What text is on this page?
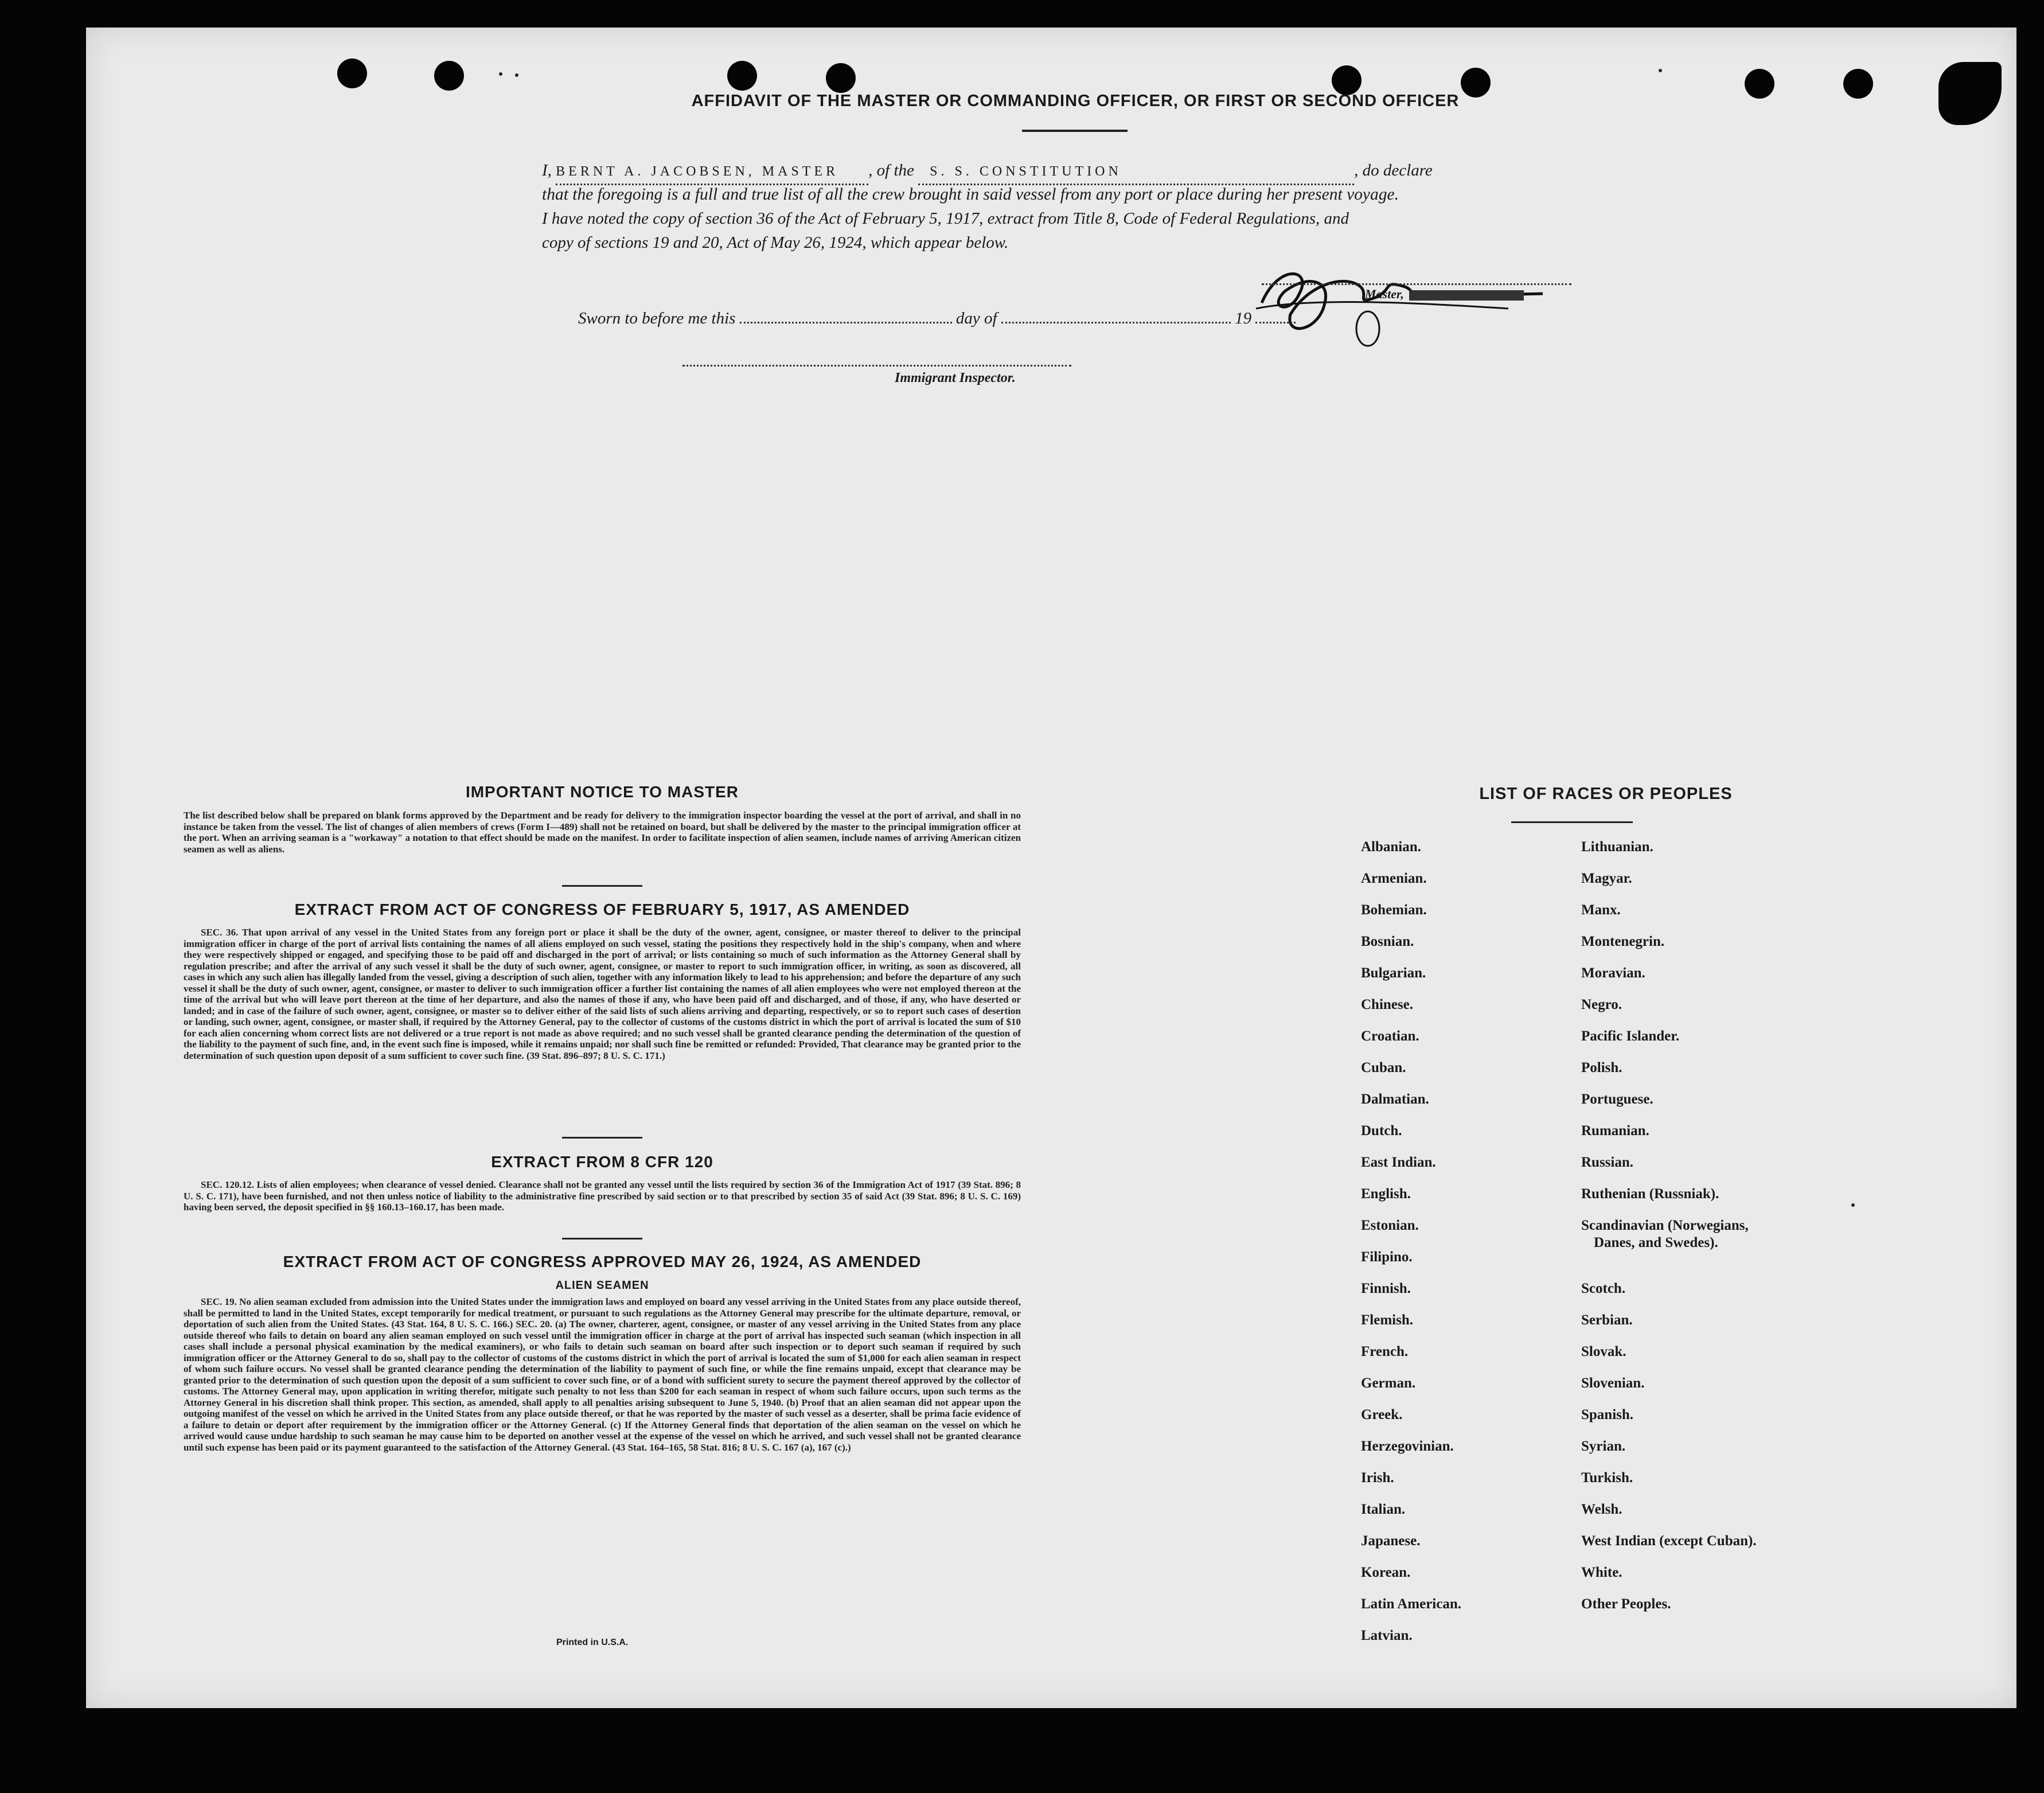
AFFIDAVIT OF THE MASTER OR COMMANDING OFFICER, OR FIRST OR SECOND OFFICER
I, BERNT A. JACOBSEN, MASTER , of the S. S. CONSTITUTION	, do declare
that the foregoing is a full and true list of all the crew brought in said vessel from any port or place during her present voyage.
I have noted the copy of section 36 of the Act of February 5, 1917, extract from Title 8, Code of Federal Regulations, and
copy of sections 19 and 20, Act of May 26, 1924, which appear below.
Master,
Sworn to before me this	day of	19
Immigrant Inspector.
IMPORTANT NOTICE TO MASTER
The list described below shall be prepared on blank forms approved by the Department and be ready for delivery to the immigration inspector boarding the vessel at the port of arrival, and shall in no instance be taken from the vessel. The list of changes of alien members of crews (Form I—489) shall not be retained on board, but shall be delivered by the master to the principal immigration officer at the port. When an arriving seaman is a "workaway" a notation to that effect should be made on the manifest. In order to facilitate inspection of alien seamen, include names of arriving American citizen seamen as well as aliens.
EXTRACT FROM ACT OF CONGRESS OF FEBRUARY 5, 1917, AS AMENDED
SEC. 36. That upon arrival of any vessel in the United States from any foreign port or place it shall be the duty of the owner, agent, consignee, or master thereof to deliver to the principal immigration officer in charge of the port of arrival lists containing the names of all aliens employed on such vessel, stating the positions they respectively hold in the ship's company, when and where they were respectively shipped or engaged, and specifying those to be paid off and discharged in the port of arrival; or lists containing so much of such information as the Attorney General shall by regulation prescribe; and after the arrival of any such vessel it shall be the duty of such owner, agent, consignee, or master to report to such immigration officer, in writing, as soon as discovered, all cases in which any such alien has illegally landed from the vessel, giving a description of such alien, together with any information likely to lead to his apprehension; and before the departure of any such vessel it shall be the duty of such owner, agent, consignee, or master to deliver to such immigration officer a further list containing the names of all alien employees who were not employed thereon at the time of the arrival but who will leave port thereon at the time of her departure, and also the names of those if any, who have been paid off and discharged, and of those, if any, who have deserted or landed; and in case of the failure of such owner, agent, consignee, or master so to deliver either of the said lists of such aliens arriving and departing, respectively, or so to report such cases of desertion or landing, such owner, agent, consignee, or master shall, if required by the Attorney General, pay to the collector of customs of the customs district in which the port of arrival is located the sum of $10 for each alien concerning whom correct lists are not delivered or a true report is not made as above required; and no such vessel shall be granted clearance pending the determination of the question of the liability to the payment of such fine, and, in the event such fine is imposed, while it remains unpaid; nor shall such fine be remitted or refunded: Provided, That clearance may be granted prior to the determination of such question upon deposit of a sum sufficient to cover such fine. (39 Stat. 896–897; 8 U. S. C. 171.)
EXTRACT FROM 8 CFR 120
SEC. 120.12. Lists of alien employees; when clearance of vessel denied. Clearance shall not be granted any vessel until the lists required by section 36 of the Immigration Act of 1917 (39 Stat. 896; 8 U. S. C. 171), have been furnished, and not then unless notice of liability to the administrative fine prescribed by said section or to that prescribed by section 35 of said Act (39 Stat. 896; 8 U. S. C. 169) having been served, the deposit specified in §§ 160.13–160.17, has been made.
EXTRACT FROM ACT OF CONGRESS APPROVED MAY 26, 1924, AS AMENDED
ALIEN SEAMEN
SEC. 19. No alien seaman excluded from admission into the United States under the immigration laws and employed on board any vessel arriving in the United States from any place outside thereof, shall be permitted to land in the United States, except temporarily for medical treatment, or pursuant to such regulations as the Attorney General may prescribe for the ultimate departure, removal, or deportation of such alien from the United States. (43 Stat. 164, 8 U. S. C. 166.) SEC. 20. (a) The owner, charterer, agent, consignee, or master of any vessel arriving in the United States from any place outside thereof who fails to detain on board any alien seaman employed on such vessel until the immigration officer in charge at the port of arrival has inspected such seaman (which inspection in all cases shall include a personal physical examination by the medical examiners), or who fails to detain such seaman on board after such inspection or to deport such seaman if required by such immigration officer or the Attorney General to do so, shall pay to the collector of customs of the customs district in which the port of arrival is located the sum of $1,000 for each alien seaman in respect of whom such failure occurs. No vessel shall be granted clearance pending the determination of the liability to payment of such fine, or while the fine remains unpaid, except that clearance may be granted prior to the determination of such question upon the deposit of a sum sufficient to cover such fine, or of a bond with sufficient surety to secure the payment thereof approved by the collector of customs. The Attorney General may, upon application in writing therefor, mitigate such penalty to not less than $200 for each seaman in respect of whom such failure occurs, upon such terms as the Attorney General in his discretion shall think proper. This section, as amended, shall apply to all penalties arising subsequent to June 5, 1940. (b) Proof that an alien seaman did not appear upon the outgoing manifest of the vessel on which he arrived in the United States from any place outside thereof, or that he was reported by the master of such vessel as a deserter, shall be prima facie evidence of a failure to detain or deport after requirement by the immigration officer or the Attorney General. (c) If the Attorney General finds that deportation of the alien seaman on the vessel on which he arrived would cause undue hardship to such seaman he may cause him to be deported on another vessel at the expense of the vessel on which he arrived, and such vessel shall not be granted clearance until such expense has been paid or its payment guaranteed to the satisfaction of the Attorney General. (43 Stat. 164–165, 58 Stat. 816; 8 U. S. C. 167 (a), 167 (c).)
Printed in U.S.A.
LIST OF RACES OR PEOPLES
Albanian.
Armenian.
Bohemian.
Bosnian.
Bulgarian.
Chinese.
Croatian.
Cuban.
Dalmatian.
Dutch.
East Indian.
English.
Estonian.
Filipino.
Finnish.
Flemish.
French.
German.
Greek.
Herzegovinian.
Irish.
Italian.
Japanese.
Korean.
Latin American.
Latvian.
Lithuanian.
Magyar.
Manx.
Montenegrin.
Moravian.
Negro.
Pacific Islander.
Polish.
Portuguese.
Rumanian.
Russian.
Ruthenian (Russniak).
Scandinavian (Norwegians,
Danes, and Swedes).
Scotch.
Serbian.
Slovak.
Slovenian.
Spanish.
Syrian.
Turkish.
Welsh.
West Indian (except Cuban).
White.
Other Peoples.
